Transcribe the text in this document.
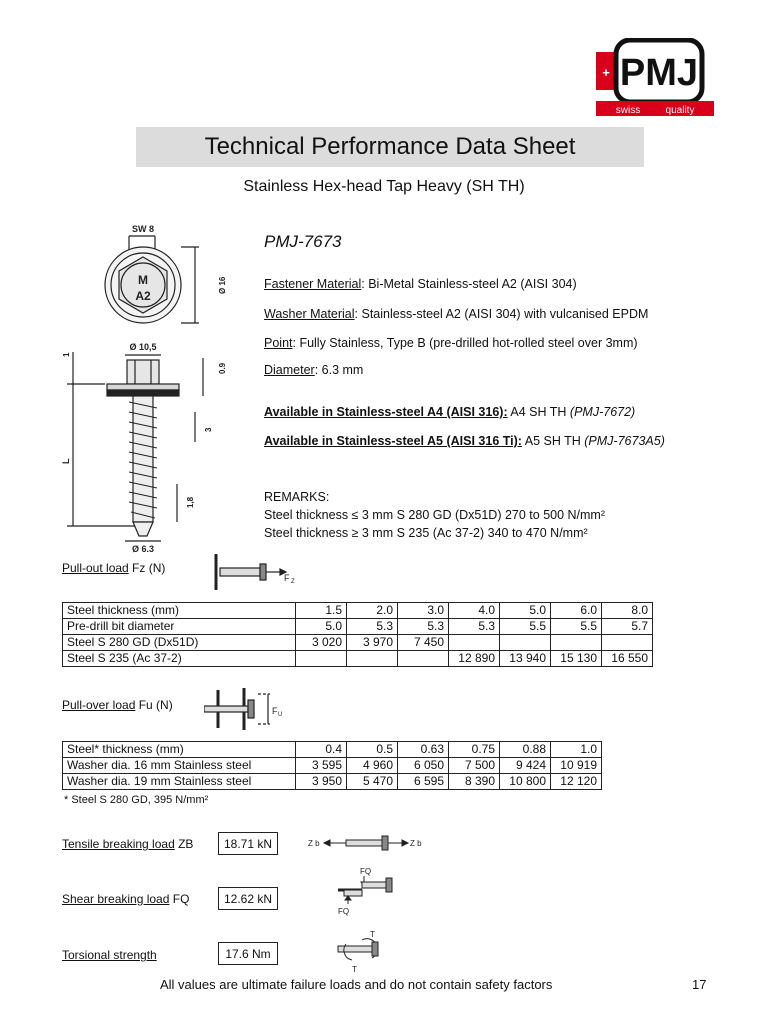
+ PMJ
swiss	quality
Technical Performance Data Sheet
Stainless Hex-head Tap Heavy (SH TH)
SW 8
M
A2
Ø 16
Ø 10,5
Ø 6.3
1
L
0.9
3
1,8
PMJ-7673
Fastener Material: Bi-Metal Stainless-steel A2 (AISI 304)
Washer Material: Stainless-steel A2 (AISI 304) with vulcanised EPDM
Point: Fully Stainless, Type B (pre-drilled hot-rolled steel over 3mm)
Diameter: 6.3 mm
Available in Stainless-steel A4 (AISI 316): A4 SH TH (PMJ-7672)
Available in Stainless-steel A5 (AISI 316 Ti): A5 SH TH (PMJ-7673A5)
REMARKS:
Steel thickness ≤ 3 mm S 280 GD (Dx51D) 270 to 500 N/mm²
Steel thickness ≥ 3 mm S 235 (Ac 37-2) 340 to 470 N/mm²
Pull-out load Fz (N)
F Z
Steel thickness (mm)	1.5	2.0	3.0	4.0	5.0	6.0	8.0
Pre-drill bit diameter	5.0	5.3	5.3	5.3	5.5	5.5	5.7
Steel S 280 GD (Dx51D)	3 020	3 970	7 450				
Steel S 235 (Ac 37-2)				12 890	13 940	15 130	16 550
Pull-over load Fu (N)	F U
Steel* thickness (mm)	0.4	0.5	0.63	0.75	0.88	1.0
Washer dia. 16 mm Stainless steel	3 595	4 960	6 050	7 500	9 424	10 919
Washer dia. 19 mm Stainless steel	3 950	5 470	6 595	8 390	10 800	12 120
* Steel S 280 GD, 395 N/mm²
Tensile breaking load ZB	18.71 kN	Z b	Z b
Shear breaking load FQ	12.62 kN
FQ
FQ
Torsional strength	17.6 Nm
T
T
All values are ultimate failure loads and do not contain safety factors	17
